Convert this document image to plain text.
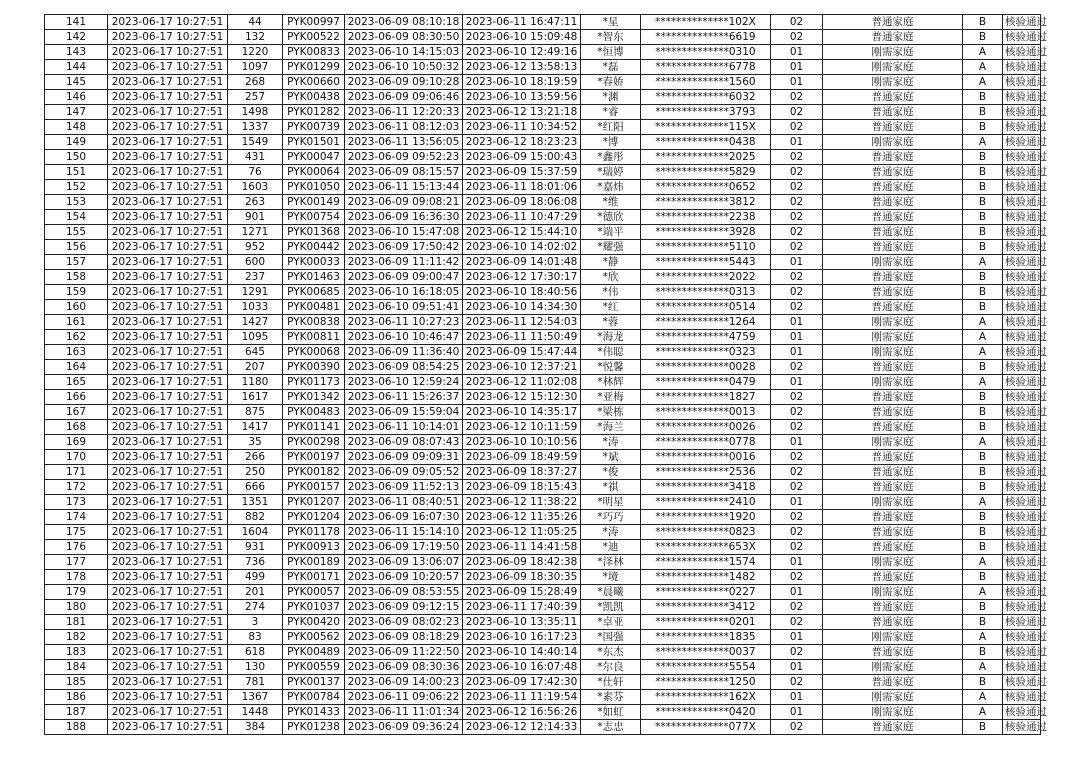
141	2023-06-17 10:27:51	44	PYK00997	2023-06-09 08:10:18	2023-06-11 16:47:11	*星	**************102X	02	普通家庭	B	核验通过
142	2023-06-17 10:27:51	132	PYK00522	2023-06-09 08:30:50	2023-06-10 15:09:48	*智东	**************6619	02	普通家庭	B	核验通过
143	2023-06-17 10:27:51	1220	PYK00833	2023-06-10 14:15:03	2023-06-10 12:49:16	*恒博	**************0310	01	刚需家庭	A	核验通过
144	2023-06-17 10:27:51	1097	PYK01299	2023-06-10 10:50:32	2023-06-12 13:58:13	*磊	**************6778	01	刚需家庭	A	核验通过
145	2023-06-17 10:27:51	268	PYK00660	2023-06-09 09:10:28	2023-06-10 18:19:59	*春娇	**************1560	01	刚需家庭	A	核验通过
146	2023-06-17 10:27:51	257	PYK00438	2023-06-09 09:06:46	2023-06-10 13:59:56	*渊	**************6032	02	普通家庭	B	核验通过
147	2023-06-17 10:27:51	1498	PYK01282	2023-06-11 12:20:33	2023-06-12 13:21:18	*睿	**************3793	02	普通家庭	B	核验通过
148	2023-06-17 10:27:51	1337	PYK00739	2023-06-11 08:12:03	2023-06-11 10:34:52	*红阳	**************115X	02	普通家庭	B	核验通过
149	2023-06-17 10:27:51	1549	PYK01501	2023-06-11 13:56:05	2023-06-12 18:23:23	*博	**************0438	01	刚需家庭	A	核验通过
150	2023-06-17 10:27:51	431	PYK00047	2023-06-09 09:52:23	2023-06-09 15:00:43	*鑫彤	**************2025	02	普通家庭	B	核验通过
151	2023-06-17 10:27:51	76	PYK00064	2023-06-09 08:15:57	2023-06-09 15:37:59	*瑞婷	**************5829	02	普通家庭	B	核验通过
152	2023-06-17 10:27:51	1603	PYK01050	2023-06-11 15:13:44	2023-06-11 18:01:06	*嘉炜	**************0652	02	普通家庭	B	核验通过
153	2023-06-17 10:27:51	263	PYK00149	2023-06-09 09:08:21	2023-06-09 18:06:08	*维	**************3812	02	普通家庭	B	核验通过
154	2023-06-17 10:27:51	901	PYK00754	2023-06-09 16:36:30	2023-06-11 10:47:29	*德欣	**************2238	02	普通家庭	B	核验通过
155	2023-06-17 10:27:51	1271	PYK01368	2023-06-10 15:47:08	2023-06-12 15:44:10	*端平	**************3928	02	普通家庭	B	核验通过
156	2023-06-17 10:27:51	952	PYK00442	2023-06-09 17:50:42	2023-06-10 14:02:02	*耀强	**************5110	02	普通家庭	B	核验通过
157	2023-06-17 10:27:51	600	PYK00033	2023-06-09 11:11:42	2023-06-09 14:01:48	*静	**************5443	01	刚需家庭	A	核验通过
158	2023-06-17 10:27:51	237	PYK01463	2023-06-09 09:00:47	2023-06-12 17:30:17	*欣	**************2022	02	普通家庭	B	核验通过
159	2023-06-17 10:27:51	1291	PYK00685	2023-06-10 16:18:05	2023-06-10 18:40:56	*伟	**************0313	02	普通家庭	B	核验通过
160	2023-06-17 10:27:51	1033	PYK00481	2023-06-10 09:51:41	2023-06-10 14:34:30	*红	**************0514	02	普通家庭	B	核验通过
161	2023-06-17 10:27:51	1427	PYK00838	2023-06-11 10:27:23	2023-06-11 12:54:03	*蓉	**************1264	01	刚需家庭	A	核验通过
162	2023-06-17 10:27:51	1095	PYK00811	2023-06-10 10:46:47	2023-06-11 11:50:49	*海龙	**************4759	01	刚需家庭	A	核验通过
163	2023-06-17 10:27:51	645	PYK00068	2023-06-09 11:36:40	2023-06-09 15:47:44	*伟聪	**************0323	01	刚需家庭	A	核验通过
164	2023-06-17 10:27:51	207	PYK00390	2023-06-09 08:54:25	2023-06-10 12:37:21	*悦馨	**************0028	02	普通家庭	B	核验通过
165	2023-06-17 10:27:51	1180	PYK01173	2023-06-10 12:59:24	2023-06-12 11:02:08	*林辉	**************0479	01	刚需家庭	A	核验通过
166	2023-06-17 10:27:51	1617	PYK01342	2023-06-11 15:26:37	2023-06-12 15:12:30	*亚梅	**************1827	02	普通家庭	B	核验通过
167	2023-06-17 10:27:51	875	PYK00483	2023-06-09 15:59:04	2023-06-10 14:35:17	*梁栋	**************0013	02	普通家庭	B	核验通过
168	2023-06-17 10:27:51	1417	PYK01141	2023-06-11 10:14:01	2023-06-12 10:11:59	*海兰	**************0026	02	普通家庭	B	核验通过
169	2023-06-17 10:27:51	35	PYK00298	2023-06-09 08:07:43	2023-06-10 10:10:56	*涛	**************0778	01	刚需家庭	A	核验通过
170	2023-06-17 10:27:51	266	PYK00197	2023-06-09 09:09:31	2023-06-09 18:49:59	*斌	**************0016	02	普通家庭	B	核验通过
171	2023-06-17 10:27:51	250	PYK00182	2023-06-09 09:05:52	2023-06-09 18:37:27	*俊	**************2536	02	普通家庭	B	核验通过
172	2023-06-17 10:27:51	666	PYK00157	2023-06-09 11:52:13	2023-06-09 18:15:43	*祺	**************3418	02	普通家庭	B	核验通过
173	2023-06-17 10:27:51	1351	PYK01207	2023-06-11 08:40:51	2023-06-12 11:38:22	*明星	**************2410	01	刚需家庭	A	核验通过
174	2023-06-17 10:27:51	882	PYK01204	2023-06-09 16:07:30	2023-06-12 11:35:26	*巧巧	**************1920	02	普通家庭	B	核验通过
175	2023-06-17 10:27:51	1604	PYK01178	2023-06-11 15:14:10	2023-06-12 11:05:25	*涛	**************0823	02	普通家庭	B	核验通过
176	2023-06-17 10:27:51	931	PYK00913	2023-06-09 17:19:50	2023-06-11 14:41:58	*迪	**************653X	02	普通家庭	B	核验通过
177	2023-06-17 10:27:51	736	PYK00189	2023-06-09 13:06:07	2023-06-09 18:42:38	*泽林	**************1574	01	刚需家庭	A	核验通过
178	2023-06-17 10:27:51	499	PYK00171	2023-06-09 10:20:57	2023-06-09 18:30:35	*境	**************1482	02	普通家庭	B	核验通过
179	2023-06-17 10:27:51	201	PYK00057	2023-06-09 08:53:55	2023-06-09 15:28:49	*晨曦	**************0227	01	刚需家庭	A	核验通过
180	2023-06-17 10:27:51	274	PYK01037	2023-06-09 09:12:15	2023-06-11 17:40:39	*凯凯	**************3412	02	普通家庭	B	核验通过
181	2023-06-17 10:27:51	3	PYK00420	2023-06-09 08:02:23	2023-06-10 13:35:11	*卓亚	**************0201	02	普通家庭	B	核验通过
182	2023-06-17 10:27:51	83	PYK00562	2023-06-09 08:18:29	2023-06-10 16:17:23	*国强	**************1835	01	刚需家庭	A	核验通过
183	2023-06-17 10:27:51	618	PYK00489	2023-06-09 11:22:50	2023-06-10 14:40:14	*东杰	**************0037	02	普通家庭	B	核验通过
184	2023-06-17 10:27:51	130	PYK00559	2023-06-09 08:30:36	2023-06-10 16:07:48	*尔良	**************5554	01	刚需家庭	A	核验通过
185	2023-06-17 10:27:51	781	PYK00137	2023-06-09 14:00:23	2023-06-09 17:42:30	*仕轩	**************1250	02	普通家庭	B	核验通过
186	2023-06-17 10:27:51	1367	PYK00784	2023-06-11 09:06:22	2023-06-11 11:19:54	*素芬	**************162X	01	刚需家庭	A	核验通过
187	2023-06-17 10:27:51	1448	PYK01433	2023-06-11 11:01:34	2023-06-12 16:56:26	*如虹	**************0420	01	刚需家庭	A	核验通过
188	2023-06-17 10:27:51	384	PYK01238	2023-06-09 09:36:24	2023-06-12 12:14:33	*志忠	**************077X	02	普通家庭	B	核验通过
